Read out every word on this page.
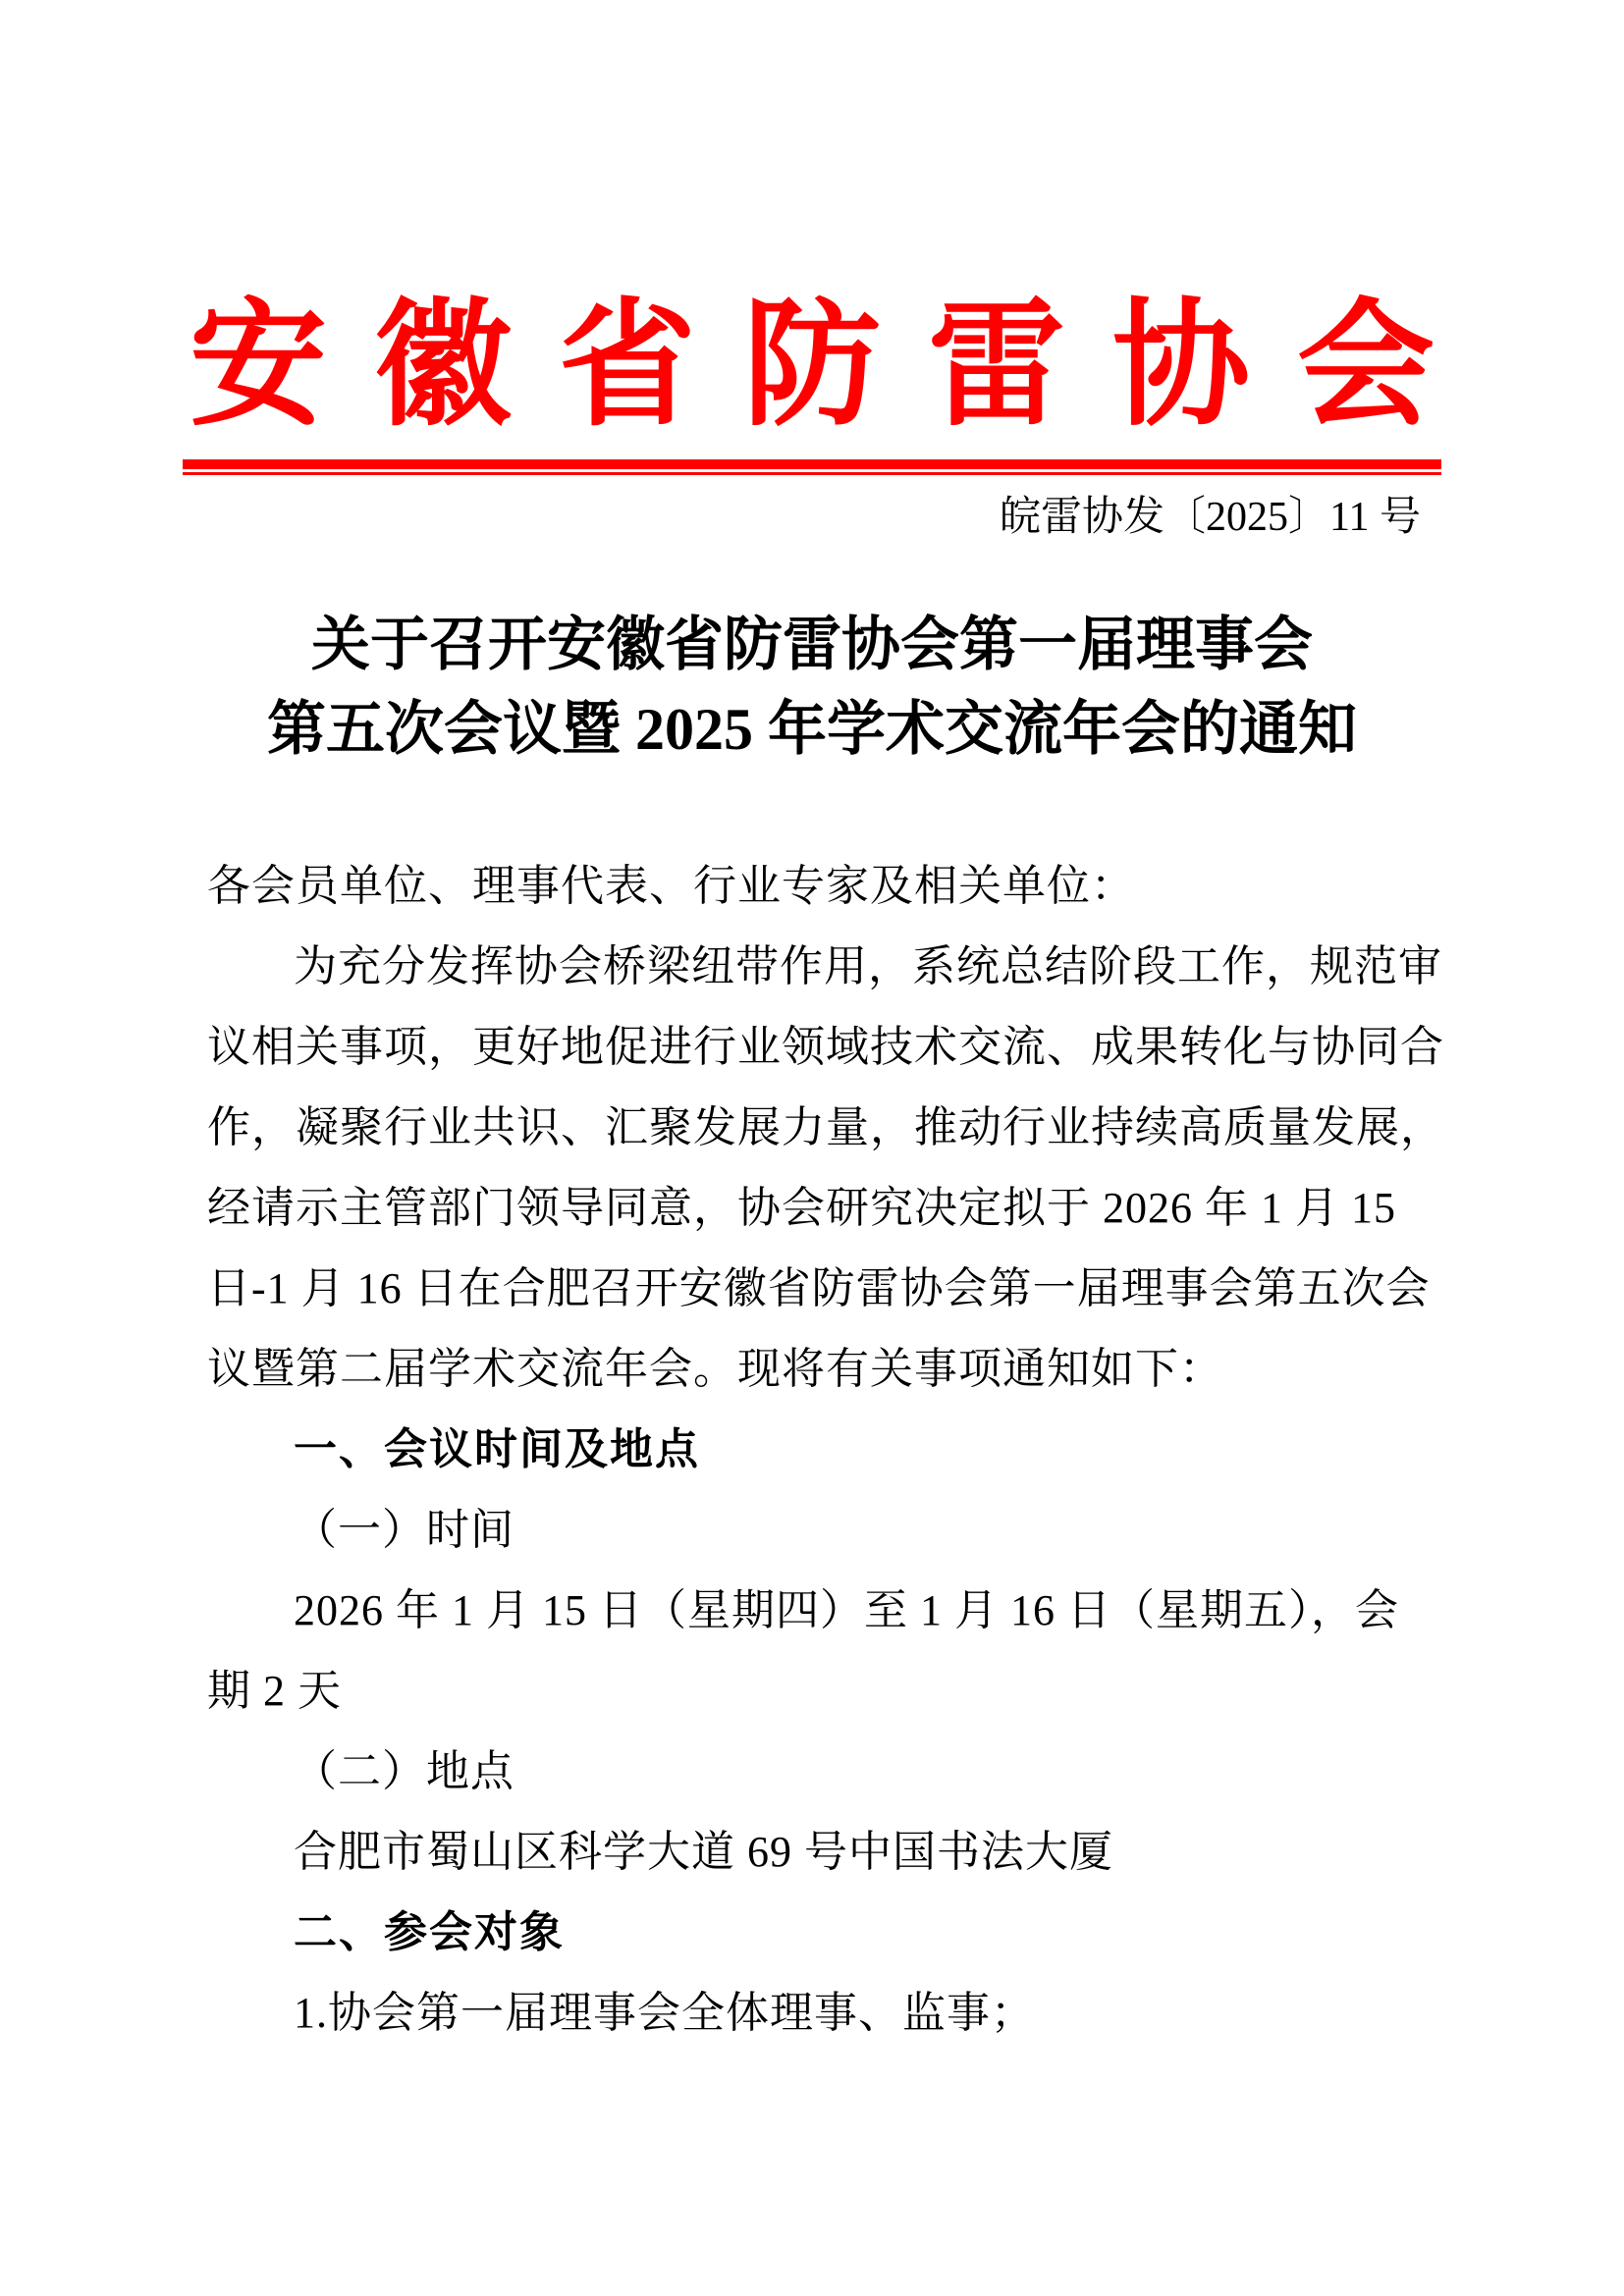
安徽省防雷协会
皖雷协发〔2025〕11 号
关于召开安徽省防雷协会第一届理事会
第五次会议暨 2025 年学术交流年会的通知
各会员单位、理事代表、行业专家及相关单位：
为充分发挥协会桥梁纽带作用，系统总结阶段工作，规范审
议相关事项，更好地促进行业领域技术交流、成果转化与协同合
作，凝聚行业共识、汇聚发展力量，推动行业持续高质量发展，
经请示主管部门领导同意，协会研究决定拟于 2026 年 1 月 15
日-1 月 16 日在合肥召开安徽省防雷协会第一届理事会第五次会
议暨第二届学术交流年会。现将有关事项通知如下：
一、会议时间及地点
（一）时间
2026 年 1 月 15 日（星期四）至 1 月 16 日（星期五），会
期 2 天
（二）地点
合肥市蜀山区科学大道 69 号中国书法大厦
二、参会对象
1.协会第一届理事会全体理事、监事；
